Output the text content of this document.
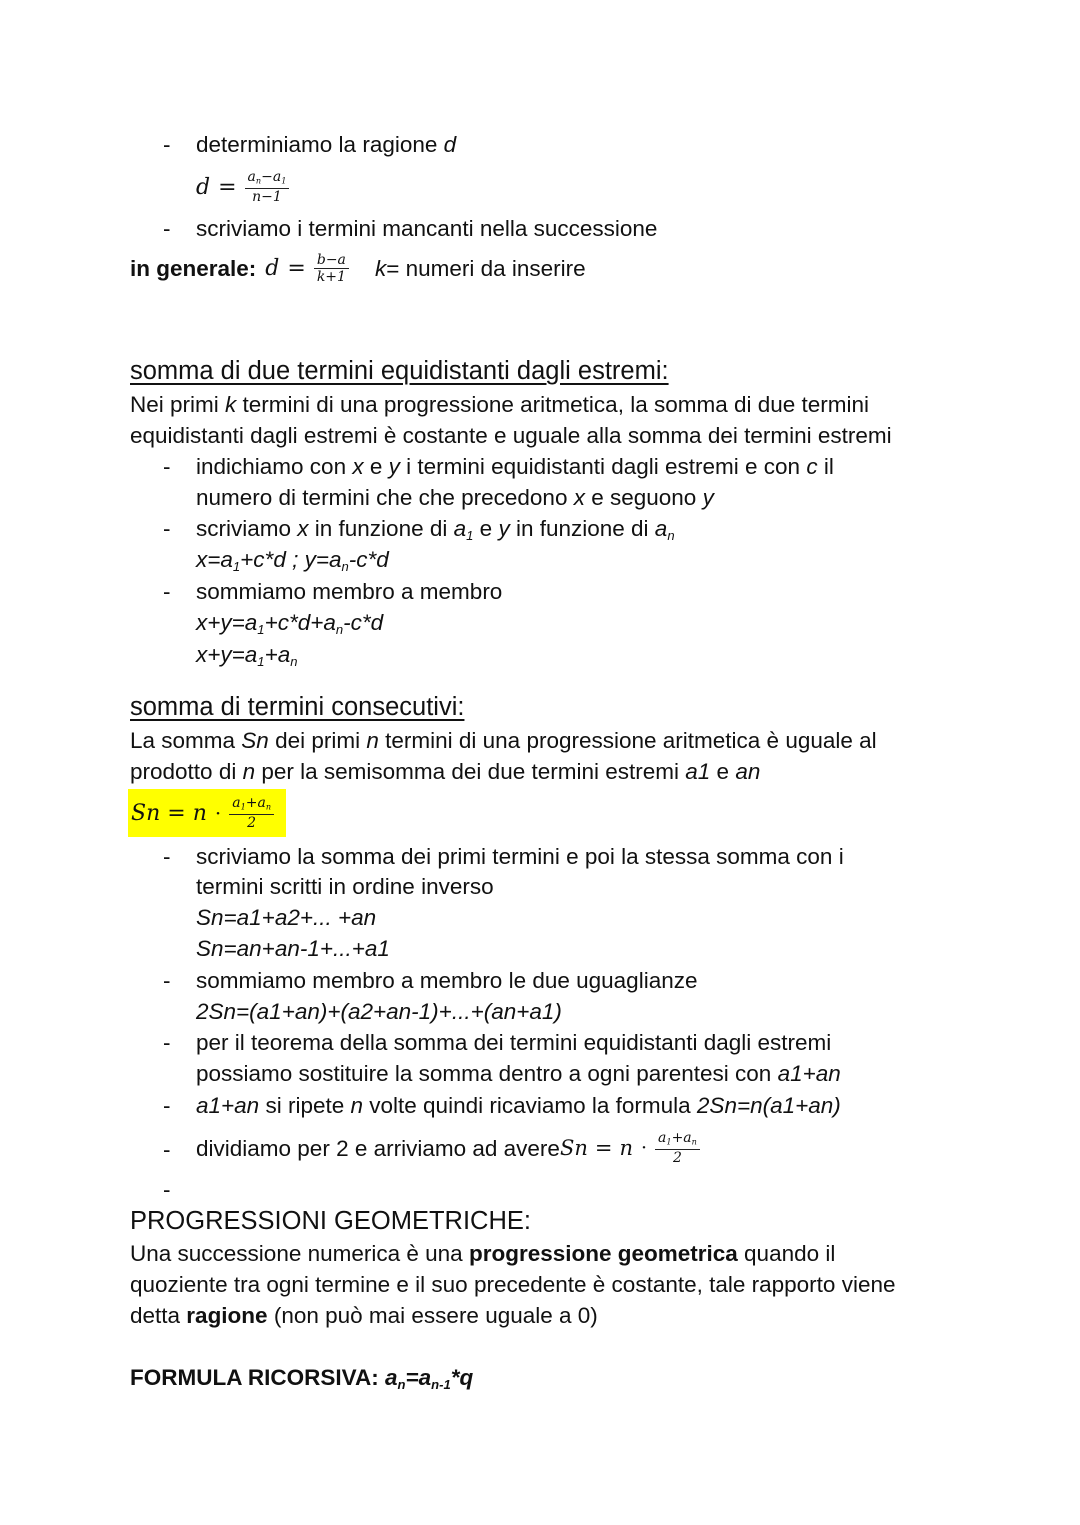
- determiniamo la ragione d
$d = \frac{an-a1}{n-1}$
- scriviamo i termini mancanti nella successione
in generale: $d = \frac{b-a}{k+1} k=$ numeri da inserire
somma di due termini equidistanti dagli estremi:
Nei primi k termini di una progressione aritmetica, la somma di due termini
equidistanti dagli estremi è costante e uguale alla somma dei termini estremi
- indichiamo con x e y i termini equidistanti dagli estremi e con c il
numero di termini che che precedono x e seguono y
- scriviamo x in funzione di a1 e y in funzione di an
x=a1+c*d ; y=an-c*d
- sommiamo membro a membro
x+y=a1+c*d+an-c*d
x+y=a1+an
somma di termini consecutivi:
La somma Sn dei primi n termini di una progressione aritmetica è uguale al
prodotto di n per la semisomma dei due termini estremi a1 e an
$Sn = n \cdot \frac{a1+an}{2}$
- scriviamo la somma dei primi termini e poi la stessa somma con i
termini scritti in ordine inverso
Sn=a1+a2+... +an
Sn=an+an-1+...+a1
- sommiamo membro a membro le due uguaglianze
2Sn=(a1+an)+(a2+an-1)+...+(an+a1)
- per il teorema della somma dei termini equidistanti dagli estremi
possiamo sostituire la somma dentro a ogni parentesi con a1+an
- a1+an si ripete n volte quindi ricaviamo la formula 2Sn=n(a1+an)
- dividiamo per 2 e arriviamo ad avere $Sn = n \cdot \frac{a1+an}{2}$
-
PROGRESSIONI GEOMETRICHE:
Una successione numerica è una progressione geometrica quando il
quoziente tra ogni termine e il suo precedente è costante, tale rapporto viene
detta ragione (non può mai essere uguale a 0)
FORMULA RICORSIVA: an=an-1*q
